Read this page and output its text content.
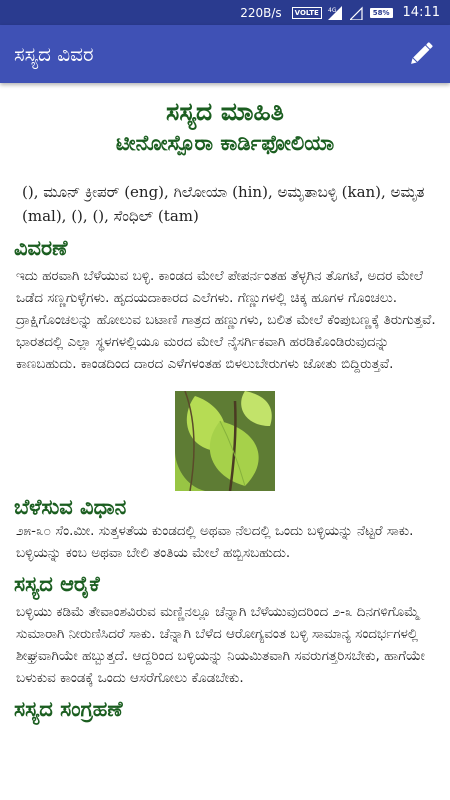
220B/s	VOLTE	4G	58% 14:11
ಸಸ್ಯದ ವಿವರ
ಸಸ್ಯದ ಮಾಹಿತಿ
ಟೀನೋಸ್ಪೊರಾ ಕಾರ್ಡಿಫೋಲಿಯಾ
(), ಮೂನ್ ಕ್ರೀಪರ್ (eng), ಗಿಲೋಯಾ (hin), ಅಮೃತಾಬಳ್ಳಿ (kan), ಅಮೃತ (mal), (), (), ಸೆಂಧಿಲ್ (tam)
ವಿವರಣೆ
ಇದು ಹರವಾಗಿ ಬೆಳೆಯುವ ಬಳ್ಳಿ. ಕಾಂಡದ ಮೇಲೆ ಪೇಪರ್ನಂತಹ ತೆಳ್ಳಗಿನ ತೊಗಟೆ, ಅದರ ಮೇಲೆ ಒಡೆದ ಸಣ್ಣಗುಳ್ಳೆಗಳು. ಹೃದಯದಾಕಾರದ ಎಲೆಗಳು. ಗೆಣ್ಣುಗಳಲ್ಲಿ ಚಿಕ್ಕ ಹೂಗಳ ಗೊಂಚಲು. ದ್ರಾಕ್ಷಿಗೊಂಚಲನ್ನು ಹೋಲುವ ಬಟಾಣಿ ಗಾತ್ರದ ಹಣ್ಣುಗಳು, ಬಲಿತ ಮೇಲೆ ಕೆಂಪುಬಣ್ಣಕ್ಕೆ ತಿರುಗುತ್ತವೆ. ಭಾರತದಲ್ಲಿ ಎಲ್ಲಾ ಸ್ಥಳಗಳಲ್ಲಿಯೂ ಮರದ ಮೇಲೆ ನೈಸರ್ಗಿಕವಾಗಿ ಹರಡಿಕೊಂಡಿರುವುದನ್ನು ಕಾಣಬಹುದು. ಕಾಂಡದಿಂದ ದಾರದ ಎಳೆಗಳಂತಹ ಬಿಳಲುಬೇರುಗಳು ಜೋತು ಬಿದ್ದಿರುತ್ತವೆ.
ಬೆಳೆಸುವ ವಿಧಾನ
೨೫-೩೦ ಸೆಂ.ಮೀ. ಸುತ್ತಳತೆಯ ಕುಂಡದಲ್ಲಿ ಅಥವಾ ನೆಲದಲ್ಲಿ ಒಂದು ಬಳ್ಳಿಯನ್ನು ನೆಟ್ಟರೆ ಸಾಕು. ಬಳ್ಳಿಯನ್ನು ಕಂಬ ಅಥವಾ ಬೇಲಿ ತಂತಿಯ ಮೇಲೆ ಹಬ್ಬಿಸಬಹುದು.
ಸಸ್ಯದ ಆರೈಕೆ
ಬಳ್ಳಿಯು ಕಡಿಮೆ ತೇವಾಂಶವಿರುವ ಮಣ್ಣಿನಲ್ಲೂ ಚೆನ್ನಾಗಿ ಬೆಳೆಯುವುದರಿಂದ ೨-೩ ದಿನಗಳಿಗೊಮ್ಮೆ ಸುಮಾರಾಗಿ ನೀರುಣಿಸಿದರೆ ಸಾಕು. ಚೆನ್ನಾಗಿ ಬೆಳೆದ ಆರೋಗ್ಯವಂತ ಬಳ್ಳಿ ಸಾಮಾನ್ಯ ಸಂದರ್ಭಗಳಲ್ಲಿ ಶೀಘ್ರವಾಗಿಯೇ ಹಬ್ಬುತ್ತದೆ. ಆದ್ದರಿಂದ ಬಳ್ಳಿಯನ್ನು ನಿಯಮಿತವಾಗಿ ಸವರುಗತ್ತರಿಸಬೇಕು, ಹಾಗೆಯೇ ಬಳುಕುವ ಕಾಂಡಕ್ಕೆ ಒಂದು ಆಸರೆಗೋಲು ಕೊಡಬೇಕು.
ಸಸ್ಯದ ಸಂಗ್ರಹಣೆ
